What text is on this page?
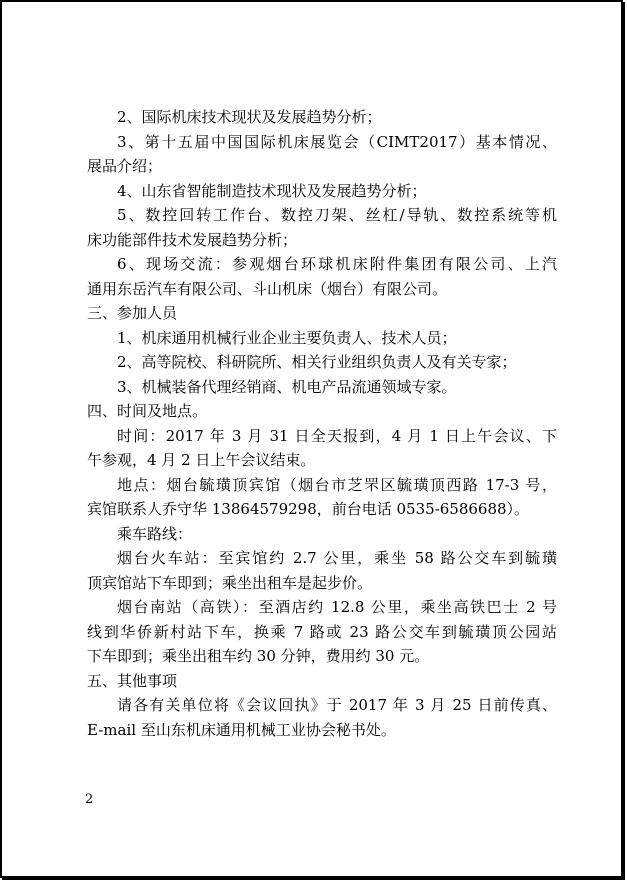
2、国际机床技术现状及发展趋势分析；
3、第十五届中国国际机床展览会（CIMT2017）基本情况、
展品介绍；
4、山东省智能制造技术现状及发展趋势分析；
5、数控回转工作台、数控刀架、丝杠/导轨、数控系统等机
床功能部件技术发展趋势分析；
6、现场交流：参观烟台环球机床附件集团有限公司、上汽
通用东岳汽车有限公司、斗山机床（烟台）有限公司。
三、参加人员
1、机床通用机械行业企业主要负责人、技术人员；
2、高等院校、科研院所、相关行业组织负责人及有关专家；
3、机械装备代理经销商、机电产品流通领域专家。
四、时间及地点。
时间：2017 年 3 月 31 日全天报到，4 月 1 日上午会议、下
午参观，4 月 2 日上午会议结束。
地点：烟台毓璜顶宾馆（烟台市芝罘区毓璜顶西路 17-3 号，
宾馆联系人乔守华 13864579298，前台电话 0535-6586688）。
乘车路线：
烟台火车站：至宾馆约 2.7 公里，乘坐 58 路公交车到毓璜
顶宾馆站下车即到；乘坐出租车是起步价。
烟台南站（高铁）：至酒店约 12.8 公里，乘坐高铁巴士 2 号
线到华侨新村站下车，换乘 7 路或 23 路公交车到毓璜顶公园站
下车即到；乘坐出租车约 30 分钟，费用约 30 元。
五、其他事项
请各有关单位将《会议回执》于 2017 年 3 月 25 日前传真、
E-mail 至山东机床通用机械工业协会秘书处。
2
